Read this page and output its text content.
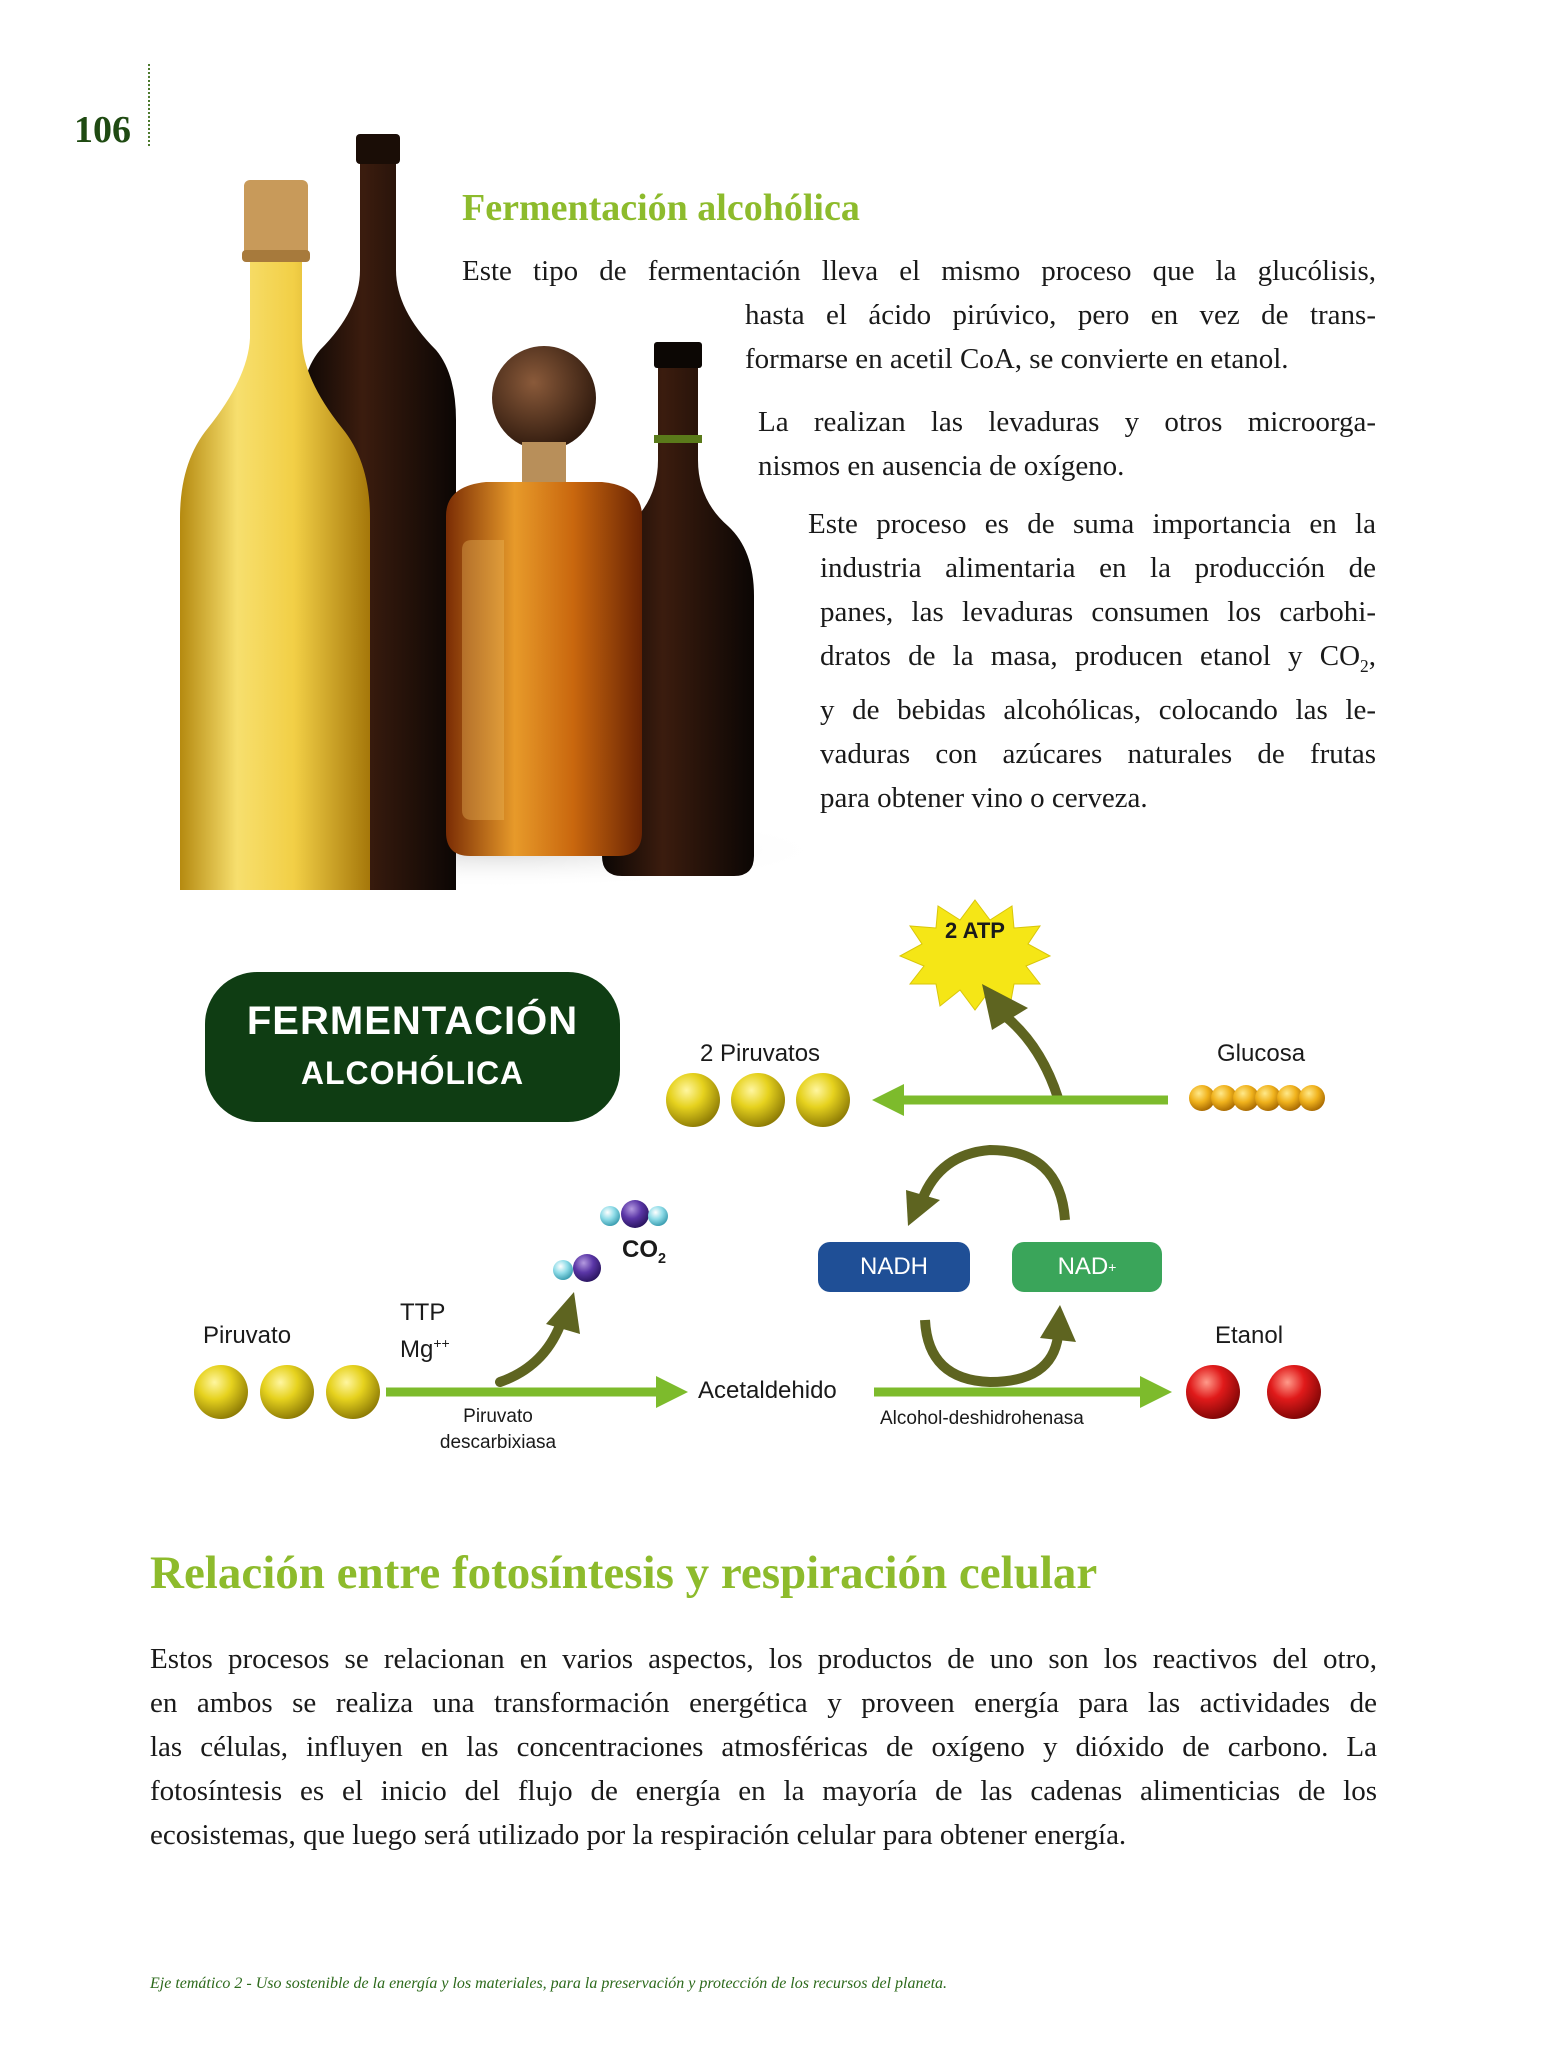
106
Fermentación alcohólica
Este tipo de fermentación lleva el mismo proceso que la glucólisis,
hasta el ácido pirúvico, pero en vez de trans-
formarse en acetil CoA, se convierte en etanol.
La realizan las levaduras y otros microorga-
nismos en ausencia de oxígeno.
Este proceso es de suma importancia en la
industria alimentaria en la producción de
panes, las levaduras consumen los carbohi-
dratos de la masa, producen etanol y $CO_2$,
y de bebidas alcohólicas, colocando las le-
vaduras con azúcares naturales de frutas
para obtener vino o cerveza.
2 ATP
FERMENTACIÓN
ALCOHÓLICA
2 Piruvatos	Glucosa
NADH	NAD +
$CO_2$
Piruvato
TTP
Mg++
Piruvato
descarbixiasa
Acetaldehido
Alcohol-deshidrohenasa
Etanol
Relación entre fotosíntesis y respiración celular
Estos procesos se relacionan en varios aspectos, los productos de uno son los reactivos del otro,
en ambos se realiza una transformación energética y proveen energía para las actividades de
las células, influyen en las concentraciones atmosféricas de oxígeno y dióxido de carbono. La
fotosíntesis es el inicio del flujo de energía en la mayoría de las cadenas alimenticias de los
ecosistemas, que luego será utilizado por la respiración celular para obtener energía.
Eje temático 2 - Uso sostenible de la energía y los materiales, para la preservación y protección de los recursos del planeta.
